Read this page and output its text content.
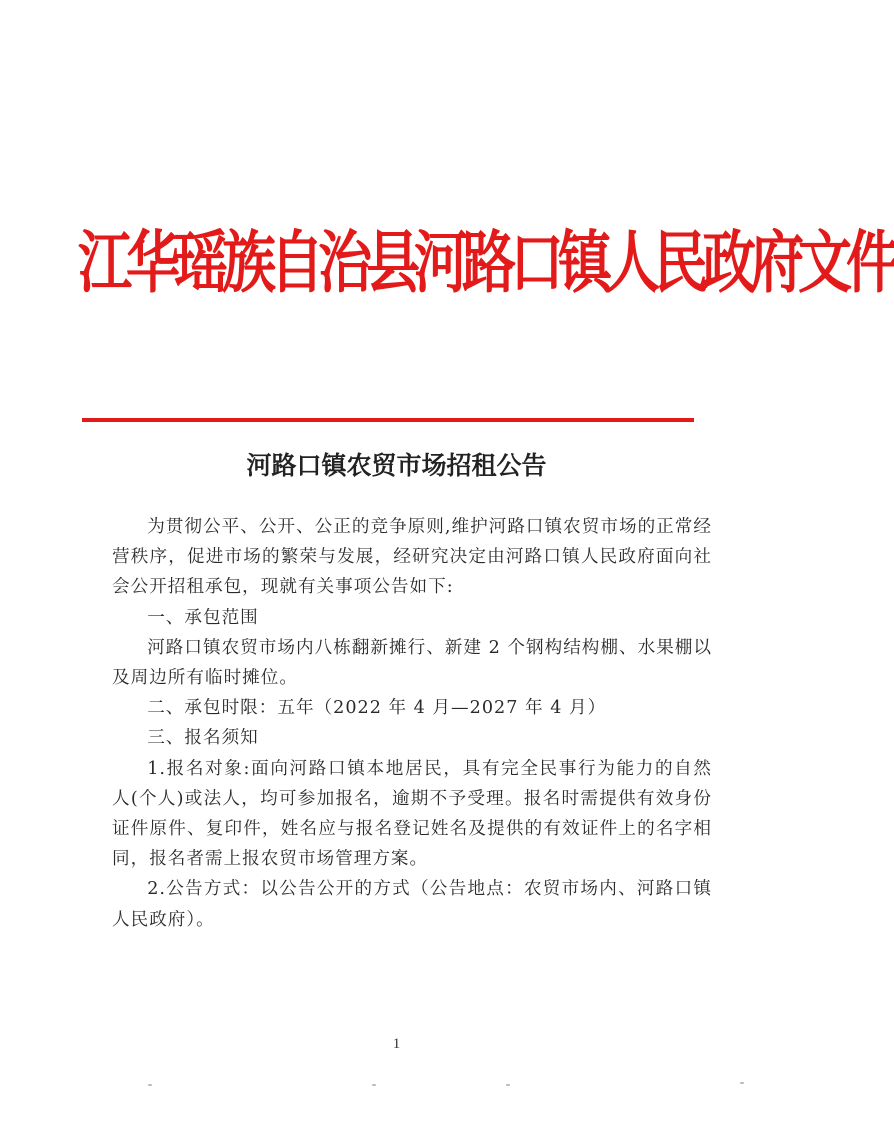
江华瑶族自治县河路口镇人民政府文件
河路口镇农贸市场招租公告

为贯彻公平、公开、公正的竞争原则,维护河路口镇农贸市场的正常经营秩序，促进市场的繁荣与发展，经研究决定由河路口镇人民政府面向社会公开招租承包，现就有关事项公告如下:

一、承包范围

河路口镇农贸市场内八栋翻新摊行、新建 2 个钢构结构棚、水果棚以及周边所有临时摊位。

二、承包时限：五年（2022 年 4 月—2027 年 4 月）

三、报名须知

1.报名对象:面向河路口镇本地居民，具有完全民事行为能力的自然人(个人)或法人，均可参加报名，逾期不予受理。报名时需提供有效身份证件原件、复印件，姓名应与报名登记姓名及提供的有效证件上的名字相同，报名者需上报农贸市场管理方案。

2.公告方式：以公告公开的方式（公告地点：农贸市场内、河路口镇人民政府）。

1
